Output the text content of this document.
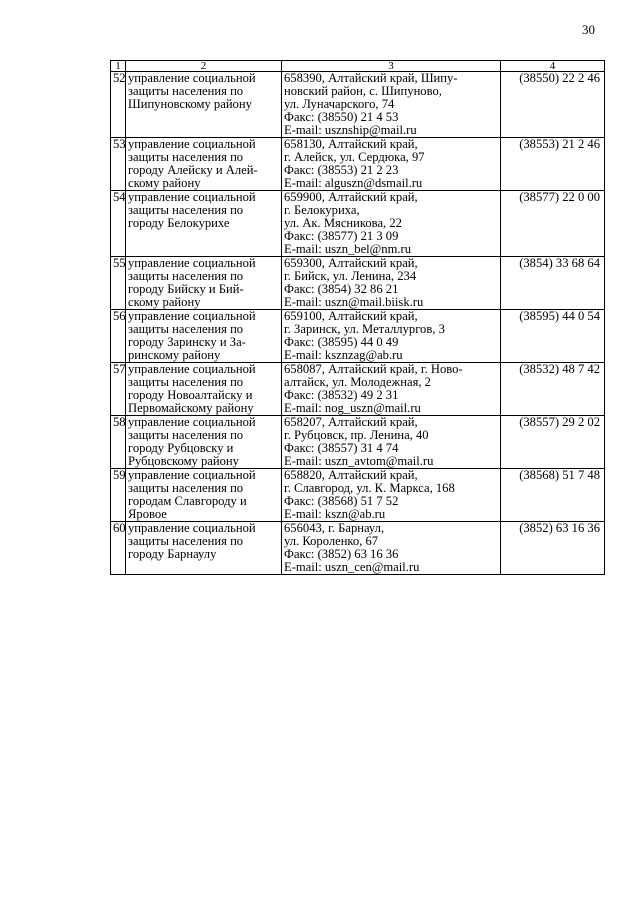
30
1	2	3	4
52	управление социальной
защиты населения по
Шипуновскому району	658390, Алтайский край, Шипу-
новский район, с. Шипуново,
ул. Луначарского, 74
Факс: (38550) 21 4 53
E-mail: usznship@mail.ru	(38550) 22 2 46
53	управление социальной
защиты населения по
городу Алейску и Алей-
скому району	658130, Алтайский край,
г. Алейск, ул. Сердюка, 97
Факс: (38553) 21 2 23
E-mail: alguszn@dsmail.ru	(38553) 21 2 46
54	управление социальной
защиты населения по
городу Белокурихе	659900, Алтайский край,
г. Белокуриха,
ул. Ак. Мясникова, 22
Факс: (38577) 21 3 09
E-mail: uszn_bel@nm.ru	(38577) 22 0 00
55	управление социальной
защиты населения по
городу Бийску и Бий-
скому району	659300, Алтайский край,
г. Бийск, ул. Ленина, 234
Факс: (3854) 32 86 21
E-mail: uszn@mail.biisk.ru	(3854) 33 68 64
56	управление социальной
защиты населения по
городу Заринску и За-
ринскому району	659100, Алтайский край,
г. Заринск, ул. Металлургов, 3
Факс: (38595) 44 0 49
E-mail: ksznzag@ab.ru	(38595) 44 0 54
57	управление социальной
защиты населения по
городу Новоалтайску и
Первомайскому району	658087, Алтайский край, г. Ново-
алтайск, ул. Молодежная, 2
Факс: (38532) 49 2 31
E-mail: nog_uszn@mail.ru	(38532) 48 7 42
58	управление социальной
защиты населения по
городу Рубцовску и
Рубцовскому району	658207, Алтайский край,
г. Рубцовск, пр. Ленина, 40
Факс: (38557) 31 4 74
E-mail: uszn_avtom@mail.ru	(38557) 29 2 02
59	управление социальной
защиты населения по
городам Славгороду и
Яровое	658820, Алтайский край,
г. Славгород, ул. К. Маркса, 168
Факс: (38568) 51 7 52
E-mail: kszn@ab.ru	(38568) 51 7 48
60	управление социальной
защиты населения по
городу Барнаулу	656043, г. Барнаул,
ул. Короленко, 67
Факс: (3852) 63 16 36
E-mail: uszn_cen@mail.ru	(3852) 63 16 36
